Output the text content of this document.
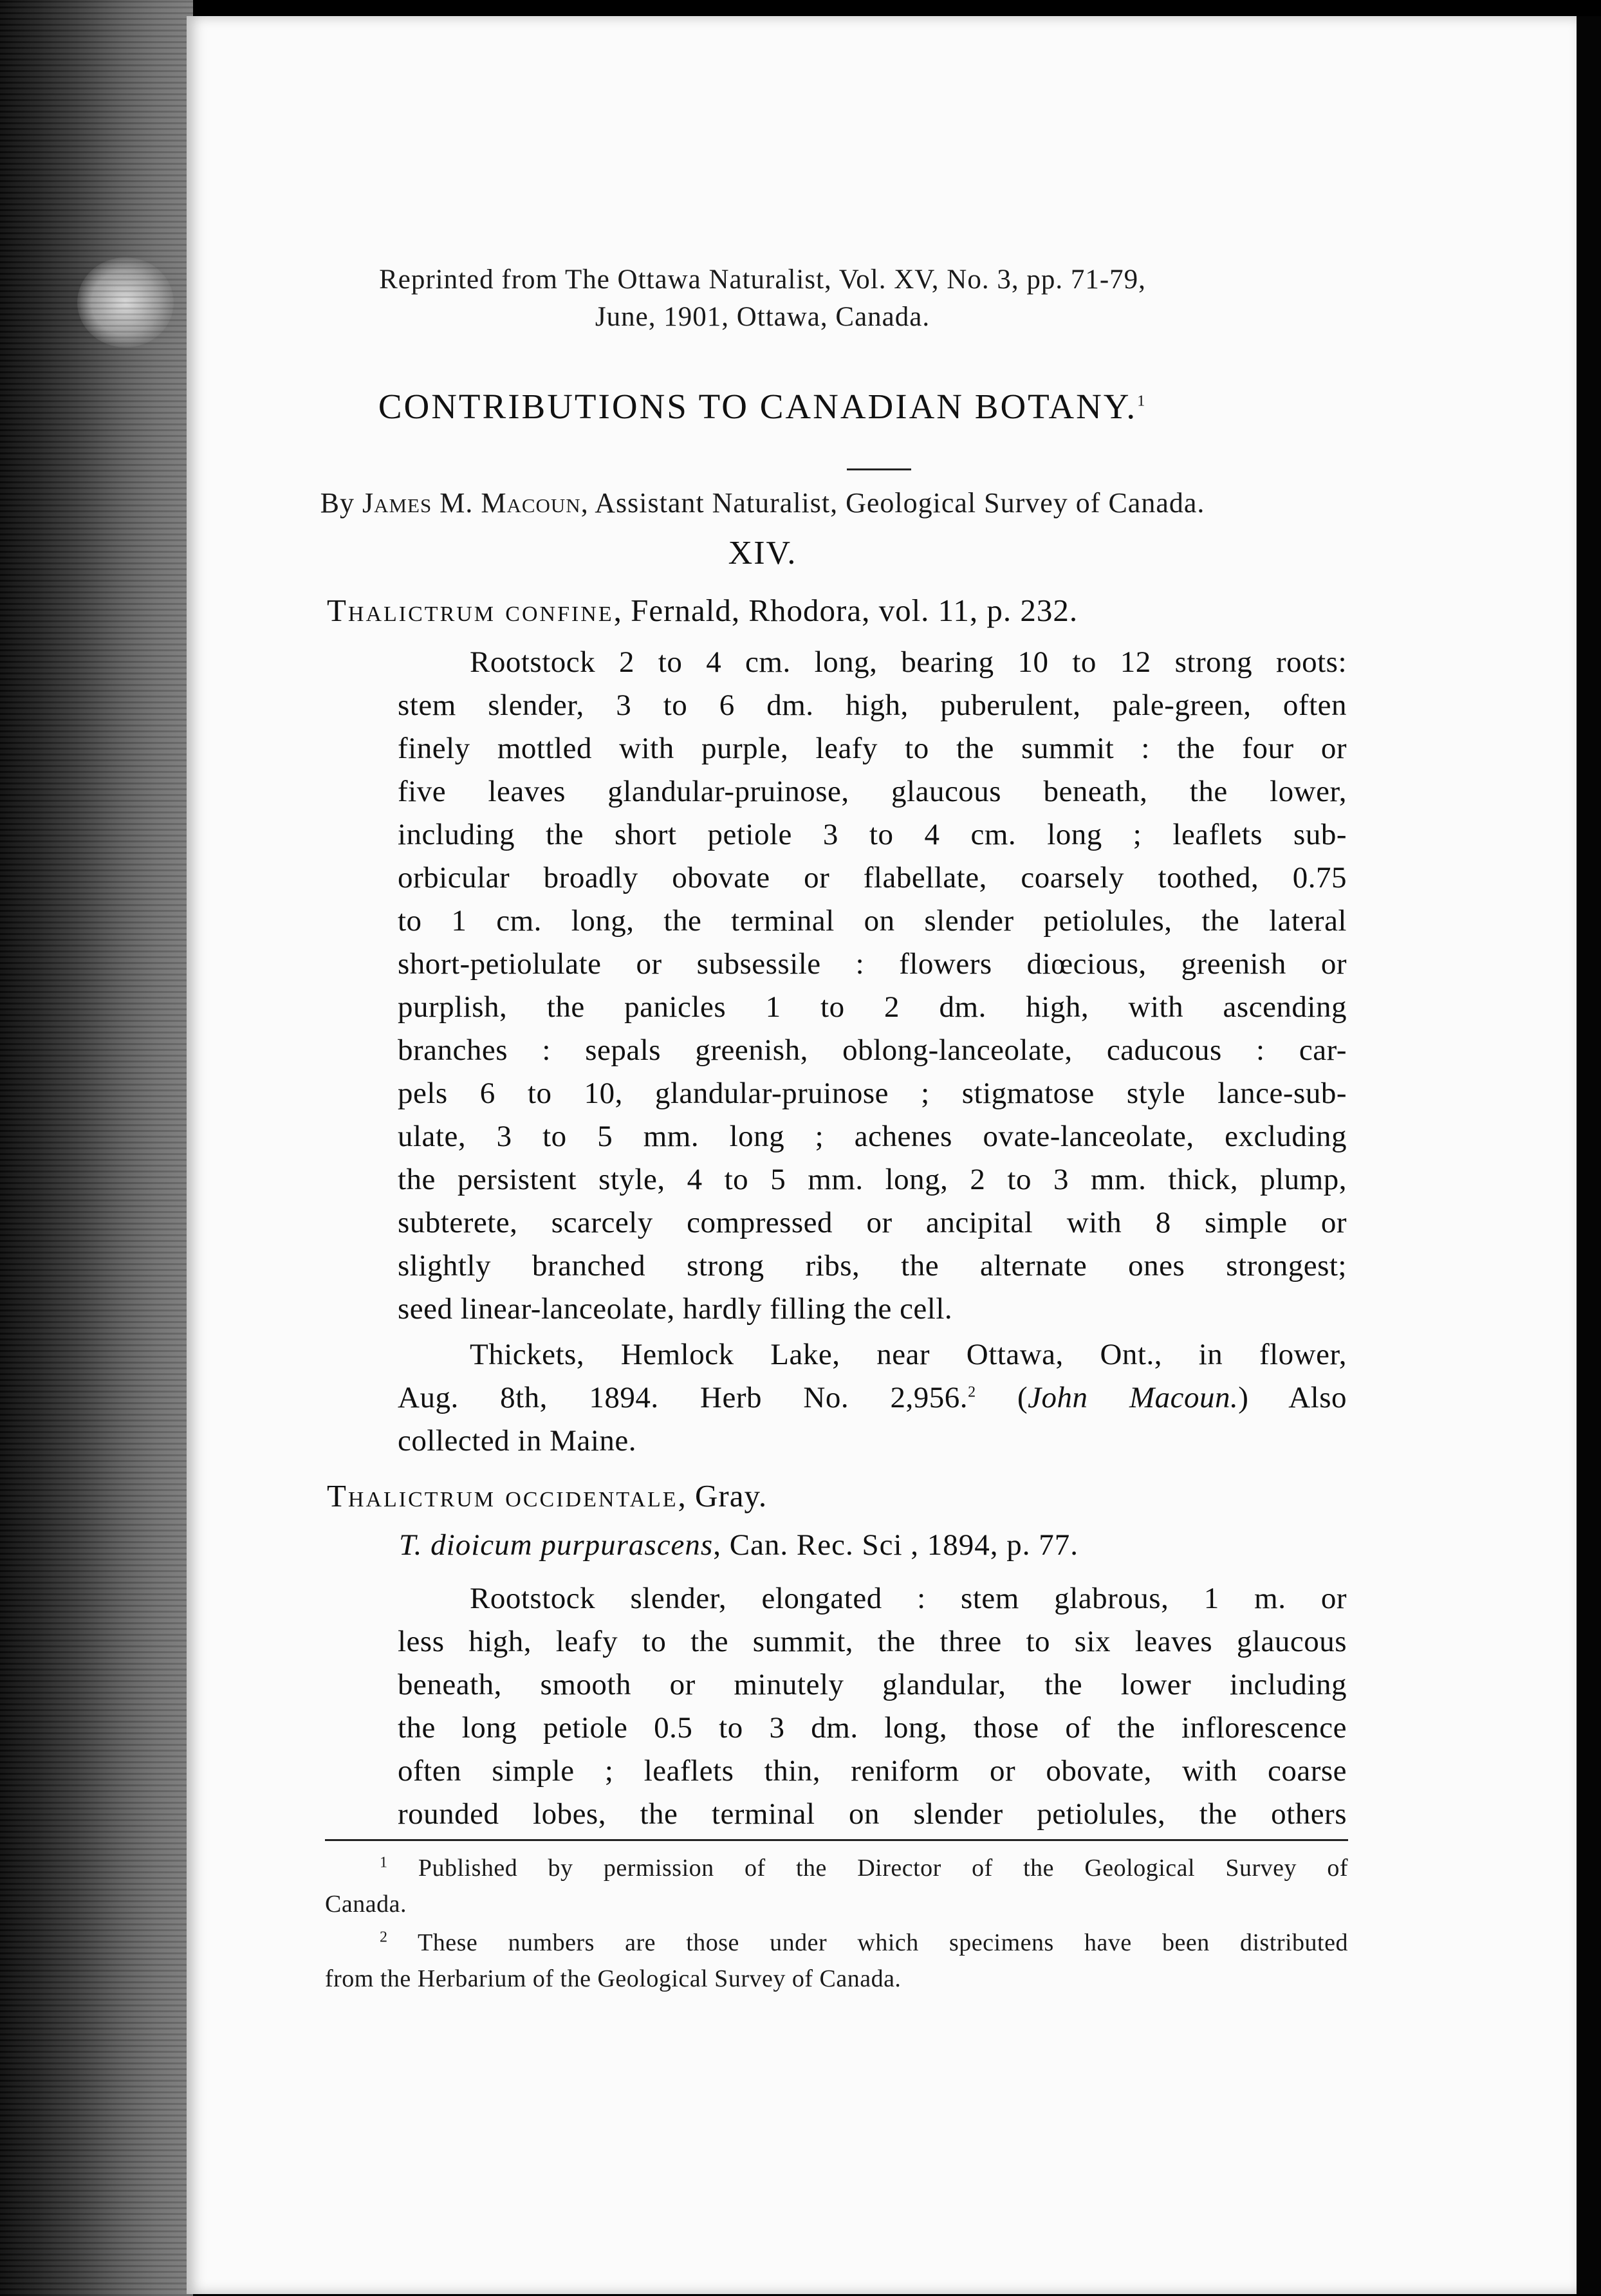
Reprinted from The Ottawa Naturalist, Vol. XV, No. 3, pp. 71-79,
June, 1901, Ottawa, Canada.
CONTRIBUTIONS TO CANADIAN BOTANY.$^1$
By James M. Macoun, Assistant Naturalist, Geological Survey of Canada.
XIV.
Thalictrum confine, Fernald, Rhodora, vol. 11, p. 232.
Rootstock 2 to 4 cm. long, bearing 10 to 12 strong roots:
stem slender, 3 to 6 dm. high, puberulent, pale-green, often
finely mottled with purple, leafy to the summit : the four or
five leaves glandular-pruinose, glaucous beneath, the lower,
including the short petiole 3 to 4 cm. long ; leaflets sub-
orbicular broadly obovate or flabellate, coarsely toothed, 0.75
to 1 cm. long, the terminal on slender petiolules, the lateral
short-petiolulate or subsessile : flowers diœcious, greenish or
purplish, the panicles 1 to 2 dm. high, with ascending
branches : sepals greenish, oblong-lanceolate, caducous : car-
pels 6 to 10, glandular-pruinose ; stigmatose style lance-sub-
ulate, 3 to 5 mm. long ; achenes ovate-lanceolate, excluding
the persistent style, 4 to 5 mm. long, 2 to 3 mm. thick, plump,
subterete, scarcely compressed or ancipital with 8 simple or
slightly branched strong ribs, the alternate ones strongest;
seed linear-lanceolate, hardly filling the cell.
Thickets, Hemlock Lake, near Ottawa, Ont., in flower,
Aug. 8th, 1894. Herb No. 2,956.$^2$ (John Macoun.) Also
collected in Maine.
Thalictrum occidentale, Gray.
T. dioicum purpurascens, Can. Rec. Sci , 1894, p. 77.
Rootstock slender, elongated : stem glabrous, 1 m. or
less high, leafy to the summit, the three to six leaves glaucous
beneath, smooth or minutely glandular, the lower including
the long petiole 0.5 to 3 dm. long, those of the inflorescence
often simple ; leaflets thin, reniform or obovate, with coarse
rounded lobes, the terminal on slender petiolules, the others
$^1$ Published by permission of the Director of the Geological Survey of
Canada.
$^2$ These numbers are those under which specimens have been distributed
from the Herbarium of the Geological Survey of Canada.
